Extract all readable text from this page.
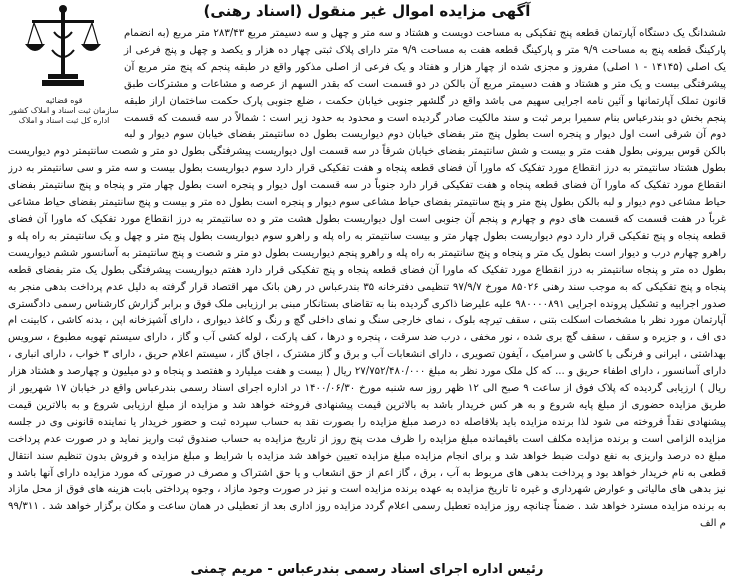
آگهی مزایده اموال غیر منقول (اسناد رهنی)
قوه قضائیه
سازمان ثبت اسناد و املاک کشور
اداره کل ثبت اسناد و املاک

ششدانگ یک دستگاه آپارتمان قطعه پنج تفکیکی به مساحت دویست و هشتاد و سه متر و چهل و سه دسیمتر مربع ۲۸۳/۴۳ متر مربع (به انضمام پارکینگ قطعه پنج به مساحت ۹/۹ متر و پارکینگ قطعه هفت به مساحت ۹/۹ متر دارای پلاک ثبتی چهار ده هزار و یکصد و چهل و پنج فرعی از یک اصلی (۱۴۱۴۵ - ۱ اصلی) مفروز و مجزی شده از چهار هزار و هفتاد و یک فرعی از اصلی مذکور واقع در طبقه پنجم که پنج متر مربع آن پیشرفتگی بیست و یک متر و هشتاد و هفت دسیمتر مربع آن بالکن در دو قسمت است که بقدر السهم از عرصه و مشاعات و مشترکات طبق قانون تملک آپارتمانها و آئین نامه اجرایی سهیم می باشد واقع در گلشهر جنوبی خیابان حکمت ، ضلع جنوبی پارک حکمت ساختمان اراز طبقه پنجم بخش دو بندرعباس بنام سمیرا برمر ثبت و سند مالکیت صادر گردیده است و محدود به حدود زیر است : شمالاً در سه قسمت که قسمت دوم آن شرقی است اول دیوار و پنجره است بطول پنج متر بفضای خیابان دوم دیواریست بطول ده سانتیمتر بفضای خیابان سوم دیوار و لبه بالکن قوس بیرونی بطول هفت متر و بیست و شش سانتیمتر بفضای خیابان شرقاً در سه قسمت اول دیواریست پیشرفتگی بطول دو متر و شصت سانتیمتر دوم دیواریست بطول هشتاد سانتیمتر به درز انقطاع مورد تفکیک که ماورا آن فضای قطعه پنجاه و هفت تفکیکی قرار دارد سوم دیواریست بطول بیست و سه متر و سی سانتیمتر به درز انقطاع مورد تفکیک که ماورا آن فضای قطعه پنجاه و هفت تفکیکی قرار دارد جنوباً در سه قسمت اول دیوار و پنجره است بطول چهار متر و پنجاه و پنج سانتیمتر بفضای حیاط مشاعی دوم دیوار و لبه بالکن بطول پنج متر و پنج سانتیمتر بفضای حیاط مشاعی سوم دیوار و پنجره است بطول ده متر و بیست و پنج سانتیمتر بفضای حیاط مشاعی غرباً در هفت قسمت که قسمت های دوم و چهارم و پنجم آن جنوبی است اول دیواریست بطول هشت متر و ده سانتیمتر به درز انقطاع مورد تفکیک که ماورا آن فضای قطعه پنجاه و پنج تفکیکی قرار دارد دوم دیواریست بطول چهار متر و بیست سانتیمتر به راه پله و راهرو سوم دیواریست بطول پنج متر و چهل و یک سانتیمتر به راه پله و راهرو چهارم درب و دیوار است بطول یک متر و پنجاه و پنج سانتیمتر به راه پله و راهرو پنجم دیواریست بطول دو متر و شصت و پنج سانتیمتر به آسانسور ششم دیواریست بطول ده متر و پنجاه سانتیمتر به درز انقطاع مورد تفکیک که ماورا آن فضای قطعه پنجاه و پنج تفکیکی قرار دارد هفتم دیواریست پیشرفتگی بطول یک متر بفضای قطعه پنجاه و پنج تفکیکی که به موجب سند رهنی ۸۵۰۲۶ مورخ ۹۷/۹/۷ تنظیمی دفترخانه ۳۵ بندرعباس در رهن بانک مهر اقتصاد قرار گرفته به دلیل عدم پرداخت بدهی منجر به صدور اجراییه و تشکیل پرونده اجرایی ۹۸۰۰۰۰۸۹۱ علیه علیرضا ذاکری گردیده بنا به تقاضای بستانکار مبنی بر ارزیابی ملک فوق و برابر گزارش کارشناس رسمی دادگستری آپارتمان مورد نظر با مشخصات اسکلت بتنی ، سقف تیرچه بلوک ، نمای خارجی سنگ و نمای داخلی گچ و رنگ و کاغذ دیواری ، دارای آشپزخانه اپن ، بدنه کاشی ، کابینت ام دی اف ، و جزیره و سقف ، سقف گچ بری شده ، نور مخفی ، درب ضد سرقت ، پنجره و درها ، کف پارکت ، لوله کشی آب و گاز ، دارای سیستم تهویه مطبوع ، سرویس بهداشتی ، ایرانی و فرنگی با کاشی و سرامیک ، آیفون تصویری ، دارای انشعابات آب و برق و گاز مشترک ، اجاق گاز ، سیستم اعلام حریق ، دارای ۳ خواب ، دارای انباری ، دارای آسانسور ، دارای اطفاء حریق و ... که کل ملک مورد نظر به مبلغ ۲۷/۷۵۲/۴۸۰/۰۰۰ ریال ( بیست و هفت میلیارد و هفتصد و پنجاه و دو میلیون و چهارصد و هشتاد هزار ریال ) ارزیابی گردیده که پلاک فوق از ساعت ۹ صبح الی ۱۲ ظهر روز سه شنبه مورخ ۱۴۰۰/۰۶/۳۰ در اداره اجرای اسناد رسمی بندرعباس واقع در خیابان ۱۷ شهریور از طریق مزایده حضوری از مبلغ پایه شروع و به هر کس خریدار باشد به بالاترین قیمت پیشنهادی فروخته خواهد شد و مزایده از مبلغ ارزیابی شروع و به بالاترین قیمت پیشنهادی نقداً فروخته می شود لذا برنده مزایده باید بلافاصله ده درصد مبلغ مزایده را بصورت نقد به حساب سپرده ثبت و حضور خریدار یا نماینده قانونی وی در جلسه مزایده الزامی است و برنده مزایده مکلف است باقیمانده مبلغ مزایده را ظرف مدت پنج روز از تاریخ مزایده به حساب صندوق ثبت واریز نماید و در صورت عدم پرداخت مبلغ ده درصد واریزی به نفع دولت ضبط خواهد شد و برای انجام مزایده مبلغ مزایده تعیین خواهد شد مزایده با شرایط و مبلغ مزایده و فروش بدون تنظیم سند انتقال قطعی به نام خریدار خواهد بود و پرداخت بدهی های مربوط به آب ، برق ، گاز اعم از حق انشعاب و یا حق اشتراک و مصرف در صورتی که مورد مزایده دارای آنها باشد و نیز بدهی های مالیاتی و عوارض شهرداری و غیره تا تاریخ مزایده به عهده برنده مزایده است و نیز در صورت وجود مازاد ، وجوه پرداختی بابت هزینه های فوق از محل مازاد به برنده مزایده مسترد خواهد شد . ضمناً چنانچه روز مزایده تعطیل رسمی اعلام گردد مزایده روز اداری بعد از تعطیلی در همان ساعت و مکان برگزار خواهد شد . ۹۹/۳۱۱ م الف

رئیس اداره اجرای اسناد رسمی بندرعباس - مریم چمنی
